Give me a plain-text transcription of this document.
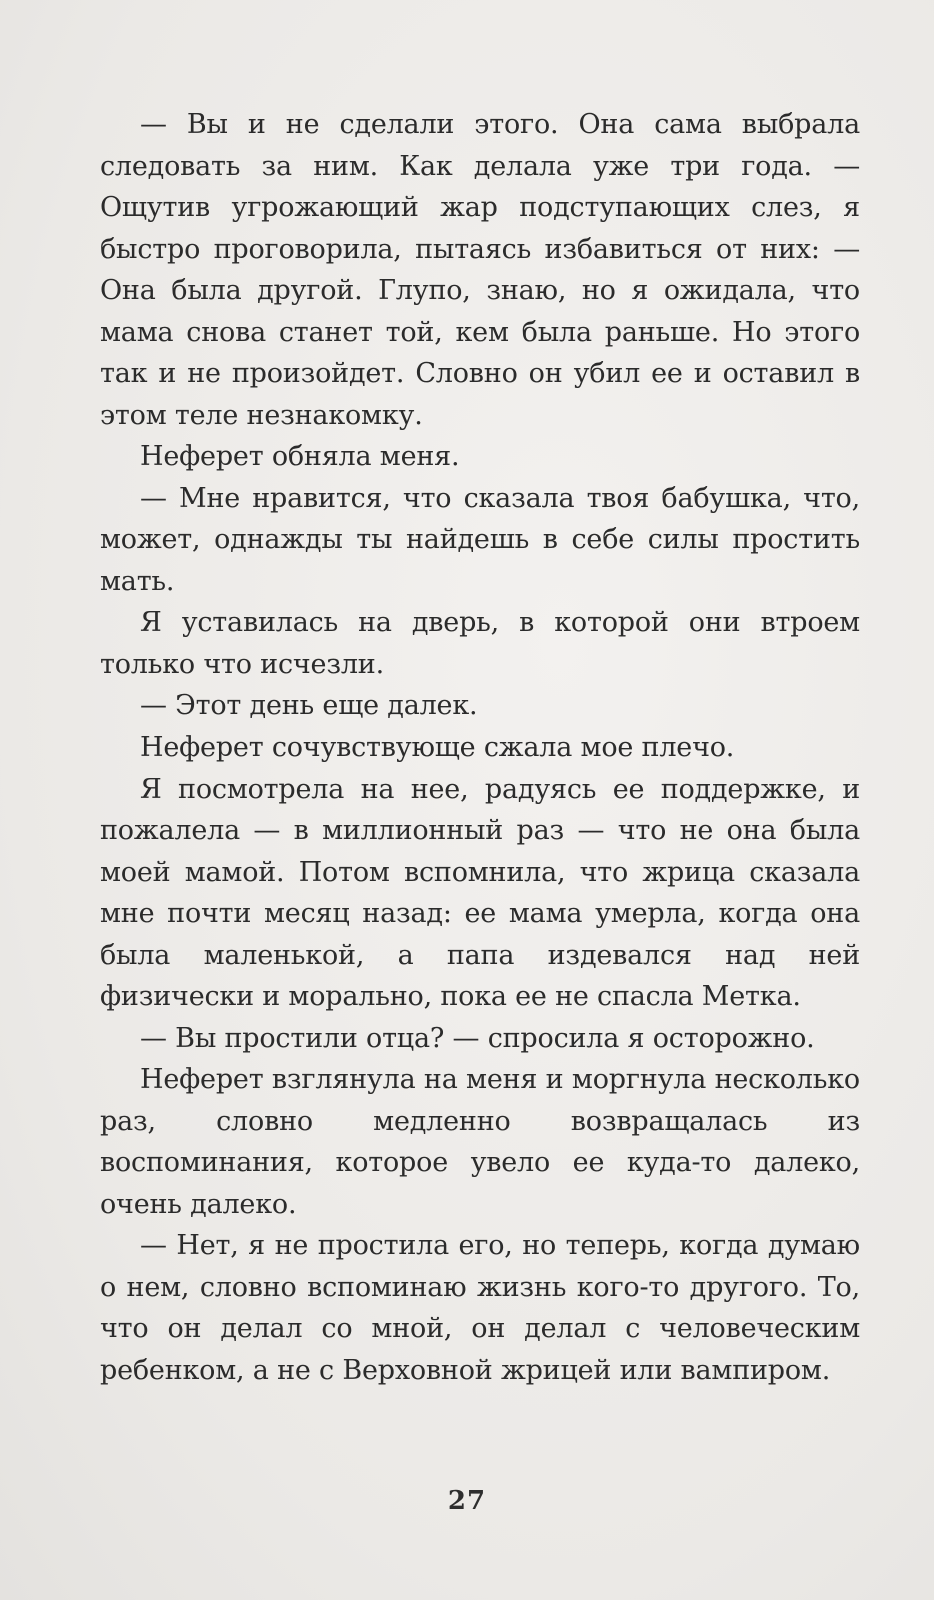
— Вы и не сделали этого. Она сама выбрала следовать за ним. Как делала уже три года. — Ощутив угрожающий жар подступающих слез, я быстро проговорила, пытаясь избавиться от них: — Она была другой. Глупо, знаю, но я ожидала, что мама снова станет той, кем была раньше. Но этого так и не произойдет. Словно он убил ее и оставил в этом теле незнакомку.

Неферет обняла меня.

— Мне нравится, что сказала твоя бабушка, что, может, однажды ты найдешь в себе силы простить мать.

Я уставилась на дверь, в которой они втроем только что исчезли.

— Этот день еще далек.

Неферет сочувствующе сжала мое плечо.

Я посмотрела на нее, радуясь ее поддержке, и пожалела — в миллионный раз — что не она была моей мамой. Потом вспомнила, что жрица сказала мне почти месяц назад: ее мама умерла, когда она была маленькой, а папа издевался над ней физически и морально, пока ее не спасла Метка.

— Вы простили отца? — спросила я осторожно.

Неферет взглянула на меня и моргнула несколько раз, словно медленно возвращалась из воспоминания, которое увело ее куда-то далеко, очень далеко.

— Нет, я не простила его, но теперь, когда думаю о нем, словно вспоминаю жизнь кого-то другого. То, что он делал со мной, он делал с человеческим ребенком, а не с Верховной жрицей или вампиром.

27
